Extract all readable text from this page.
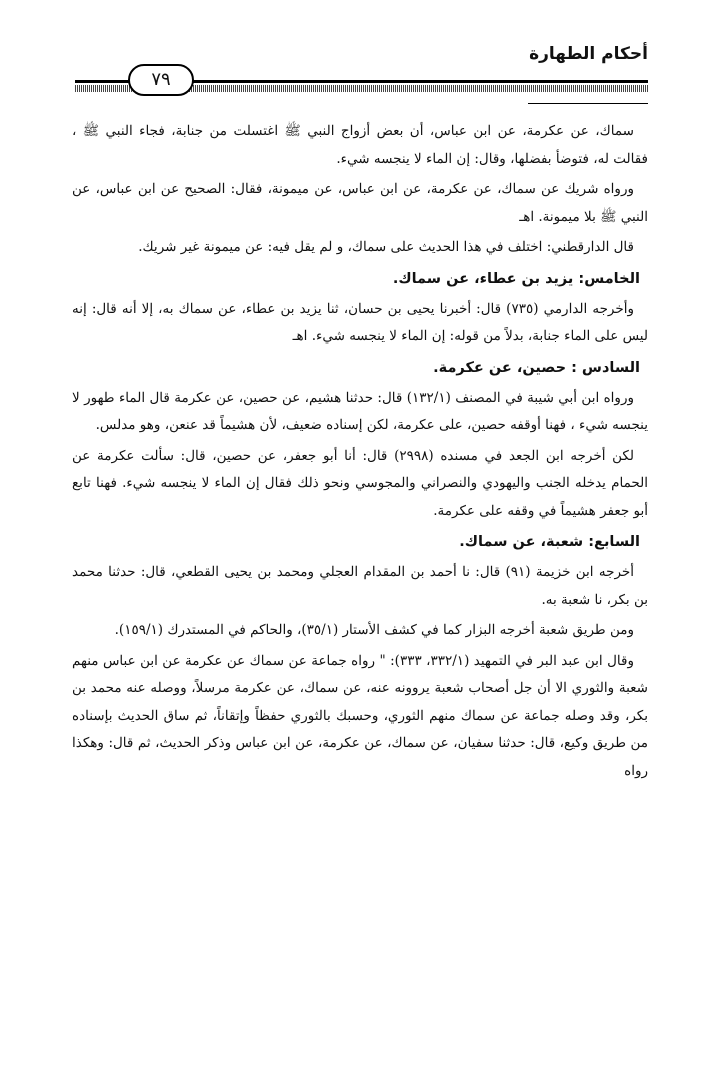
أحكام الطهارة
٧٩

سماك، عن عكرمة، عن ابن عباس، أن بعض أزواج النبي ﷺ اغتسلت من جنابة، فجاء النبي ﷺ ، فقالت له، فتوضأ بفضلها، وقال: إن الماء لا ينجسه شيء.

ورواه شريك عن سماك، عن عكرمة، عن ابن عباس، عن ميمونة، فقال: الصحيح عن ابن عباس، عن النبي ﷺ بلا ميمونة. اهـ

قال الدارقطني: اختلف في هذا الحديث على سماك، و لم يقل فيه: عن ميمونة غير شريك.

الخامس: يزيد بن عطاء، عن سماك.

وأخرجه الدارمي (٧٣٥) قال: أخبرنا يحيى بن حسان، ثنا يزيد بن عطاء، عن سماك به، إلا أنه قال: إنه ليس على الماء جنابة، بدلاً من قوله: إن الماء لا ينجسه شيء. اهـ

السادس : حصين، عن عكرمة.

ورواه ابن أبي شيبة في المصنف (١٣٢/١) قال: حدثنا هشيم، عن حصين، عن عكرمة قال الماء طهور لا ينجسه شيء ، فهنا أوقفه حصين، على عكرمة، لكن إسناده ضعيف، لأن هشيماً قد عنعن، وهو مدلس.

لكن أخرجه ابن الجعد في مسنده (٢٩٩٨) قال: أنا أبو جعفر، عن حصين، قال: سألت عكرمة عن الحمام يدخله الجنب واليهودي والنصراني والمجوسي ونحو ذلك فقال إن الماء لا ينجسه شيء. فهنا تابع أبو جعفر هشيماً في وقفه على عكرمة.

السابع: شعبة، عن سماك.

أخرجه ابن خزيمة (٩١) قال: نا أحمد بن المقدام العجلي ومحمد بن يحيى القطعي، قال: حدثنا محمد بن بكر، نا شعبة به.

ومن طريق شعبة أخرجه البزار كما في كشف الأستار (٣٥/١)، والحاكم في المستدرك (١٥٩/١).

وقال ابن عبد البر في التمهيد (٣٣٢/١، ٣٣٣): " رواه جماعة عن سماك عن عكرمة عن ابن عباس منهم شعبة والثوري الا أن جل أصحاب شعبة يروونه عنه، عن سماك، عن عكرمة مرسلاً، ووصله عنه محمد بن بكر، وقد وصله جماعة عن سماك منهم الثوري، وحسبك بالثوري حفظاً وإتقاناً، ثم ساق الحديث بإسناده من طريق وكيع، قال: حدثنا سفيان، عن سماك، عن عكرمة، عن ابن عباس وذكر الحديث، ثم قال: وهكذا رواه
